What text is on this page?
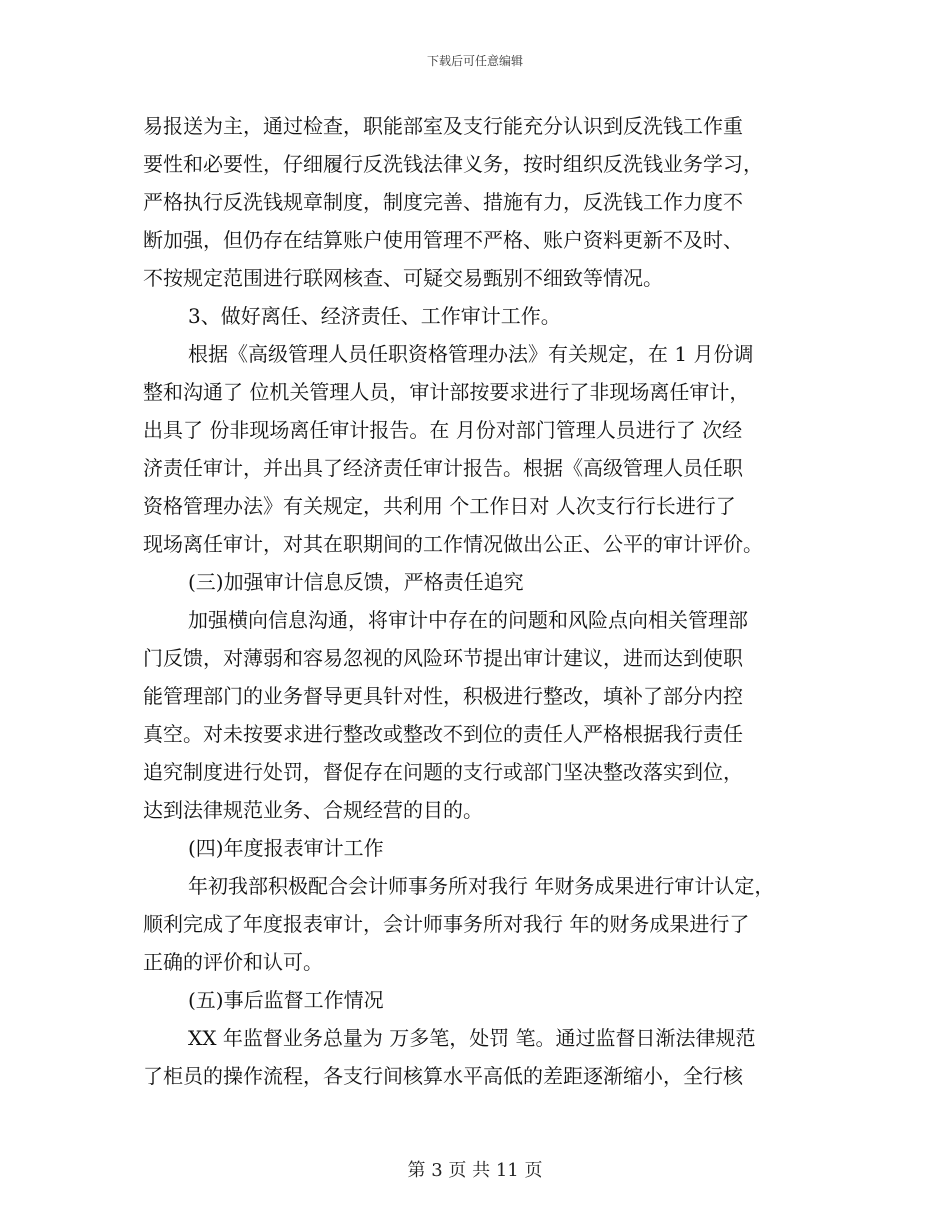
下载后可任意编辑
易报送为主，通过检查，职能部室及支行能充分认识到反洗钱工作重
要性和必要性，仔细履行反洗钱法律义务，按时组织反洗钱业务学习，
严格执行反洗钱规章制度，制度完善、措施有力，反洗钱工作力度不
断加强，但仍存在结算账户使用管理不严格、账户资料更新不及时、
不按规定范围进行联网核查、可疑交易甄别不细致等情况。
3、做好离任、经济责任、工作审计工作。
根据《高级管理人员任职资格管理办法》有关规定，在 1 月份调
整和沟通了 位机关管理人员，审计部按要求进行了非现场离任审计，
出具了 份非现场离任审计报告。在 月份对部门管理人员进行了 次经
济责任审计，并出具了经济责任审计报告。根据《高级管理人员任职
资格管理办法》有关规定，共利用 个工作日对 人次支行行长进行了
现场离任审计，对其在职期间的工作情况做出公正、公平的审计评价。
(三)加强审计信息反馈，严格责任追究
加强横向信息沟通，将审计中存在的问题和风险点向相关管理部
门反馈，对薄弱和容易忽视的风险环节提出审计建议，进而达到使职
能管理部门的业务督导更具针对性，积极进行整改，填补了部分内控
真空。对未按要求进行整改或整改不到位的责任人严格根据我行责任
追究制度进行处罚，督促存在问题的支行或部门坚决整改落实到位，
达到法律规范业务、合规经营的目的。
(四)年度报表审计工作
年初我部积极配合会计师事务所对我行 年财务成果进行审计认定，
顺利完成了年度报表审计，会计师事务所对我行 年的财务成果进行了
正确的评价和认可。
(五)事后监督工作情况
XX 年监督业务总量为 万多笔，处罚 笔。通过监督日渐法律规范
了柜员的操作流程，各支行间核算水平高低的差距逐渐缩小，全行核
第 3 页 共 11 页
